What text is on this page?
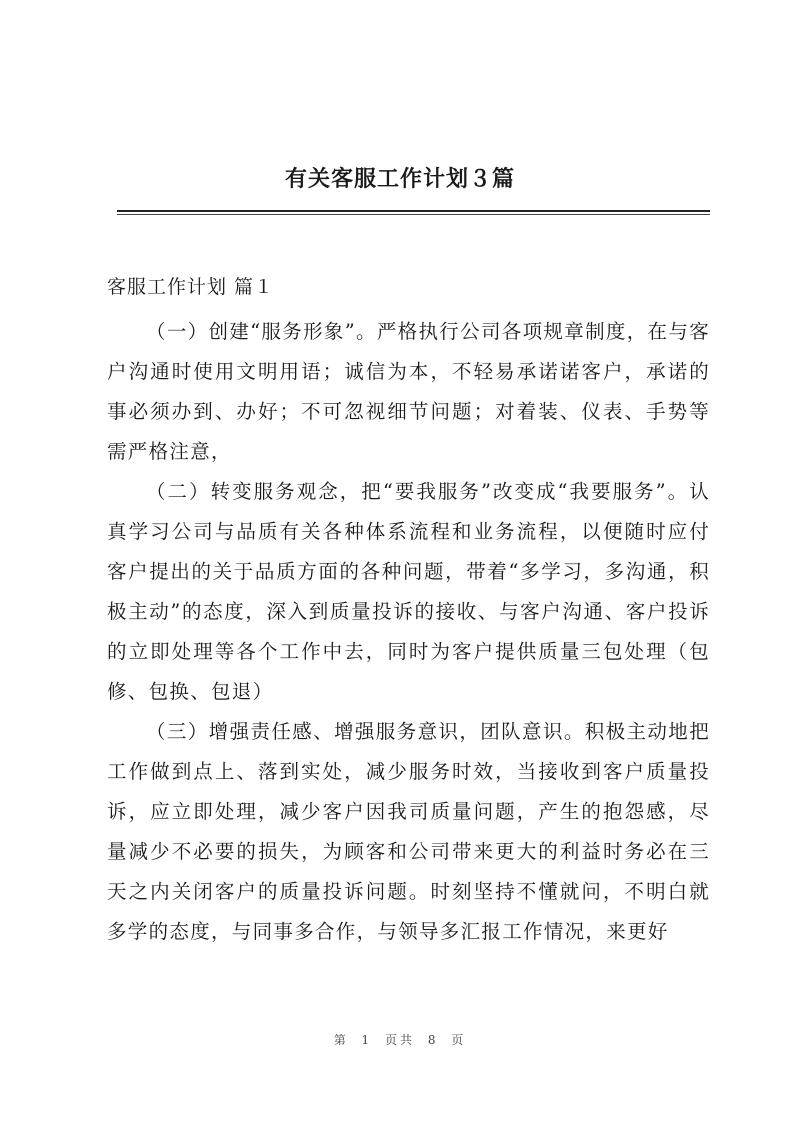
有关客服工作计划３篇
客服工作计划 篇１

（一）创建“服务形象”。严格执行公司各项规章制度，在与客户沟通时使用文明用语；诚信为本，不轻易承诺诺客户，承诺的事必须办到、办好；不可忽视细节问题；对着装、仪表、手势等需严格注意，

（二）转变服务观念，把“要我服务”改变成“我要服务”。认真学习公司与品质有关各种体系流程和业务流程，以便随时应付客户提出的关于品质方面的各种问题，带着“多学习，多沟通，积极主动”的态度，深入到质量投诉的接收、与客户沟通、客户投诉的立即处理等各个工作中去，同时为客户提供质量三包处理（包修、包换、包退）

（三）增强责任感、增强服务意识，团队意识。积极主动地把工作做到点上、落到实处，减少服务时效，当接收到客户质量投诉，应立即处理，减少客户因我司质量问题，产生的抱怨感，尽量减少不必要的损失，为顾客和公司带来更大的利益时务必在三天之内关闭客户的质量投诉问题。时刻坚持不懂就问，不明白就多学的态度，与同事多合作，与领导多汇报工作情况，来更好

第 1 页共 8 页
